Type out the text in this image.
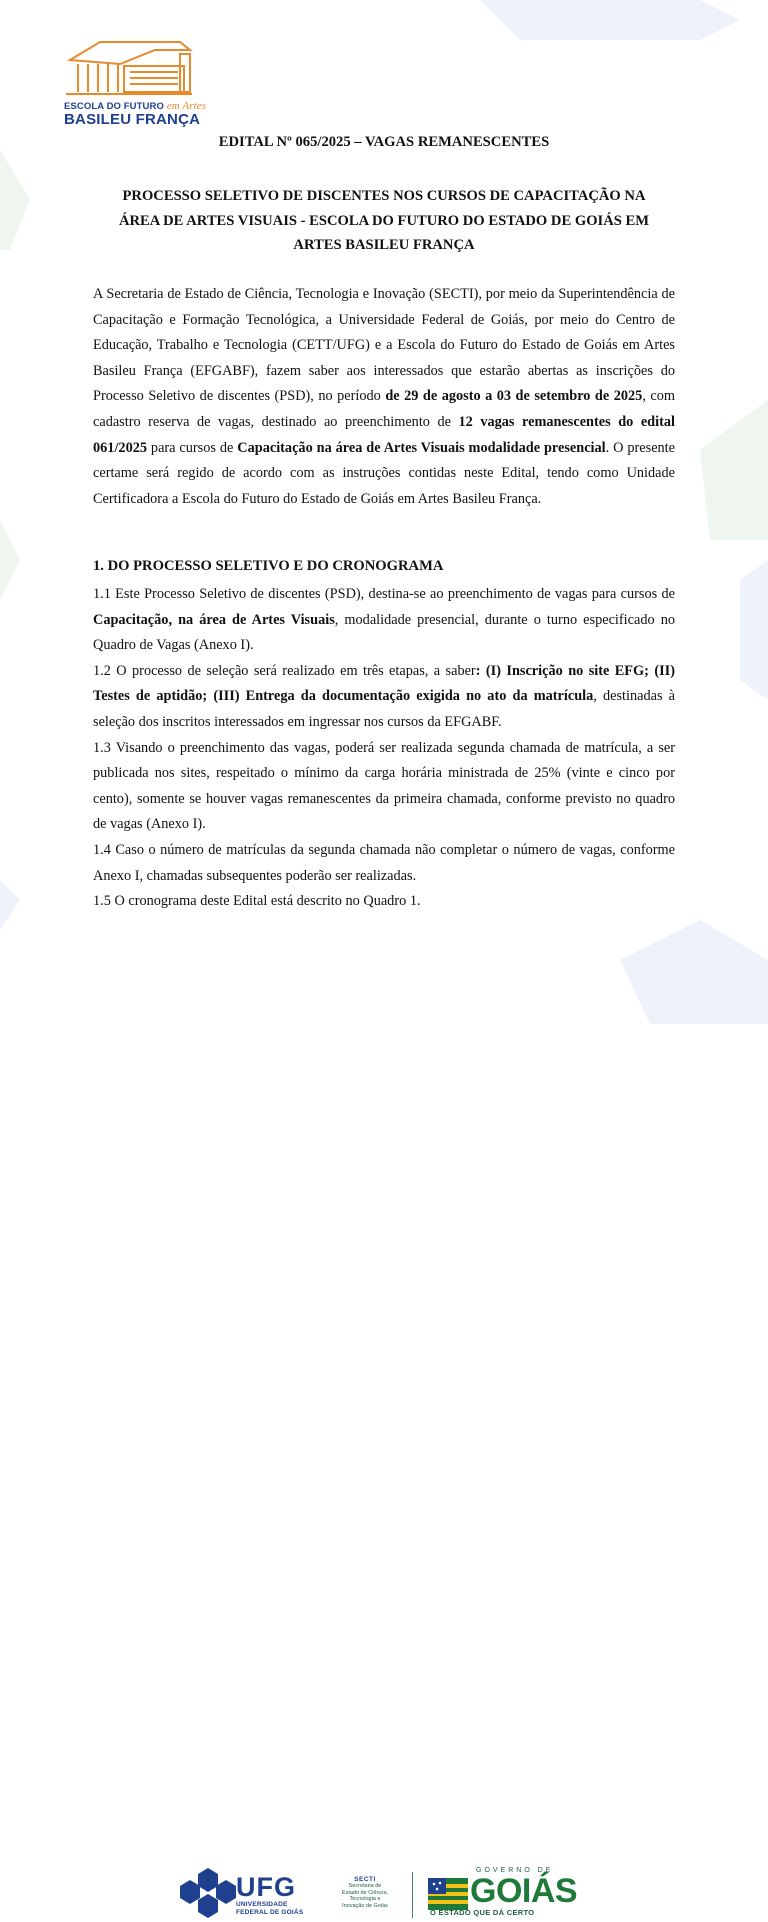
ESCOLA DO FUTURO em Artes
BASILEU FRANÇA
EDITAL Nº 065/2025 – VAGAS REMANESCENTES
PROCESSO SELETIVO DE DISCENTES NOS CURSOS DE CAPACITAÇÃO NA
ÁREA DE ARTES VISUAIS - ESCOLA DO FUTURO DO ESTADO DE GOIÁS EM
ARTES BASILEU FRANÇA
A Secretaria de Estado de Ciência, Tecnologia e Inovação (SECTI), por meio da Superintendência de Capacitação e Formação Tecnológica, a Universidade Federal de Goiás, por meio do Centro de Educação, Trabalho e Tecnologia (CETT/UFG) e a Escola do Futuro do Estado de Goiás em Artes Basileu França (EFGABF), fazem saber aos interessados que estarão abertas as inscrições do Processo Seletivo de discentes (PSD), no período de 29 de agosto a 03 de setembro de 2025, com cadastro reserva de vagas, destinado ao preenchimento de 12 vagas remanescentes do edital 061/2025 para cursos de Capacitação na área de Artes Visuais modalidade presencial. O presente certame será regido de acordo com as instruções contidas neste Edital, tendo como Unidade Certificadora a Escola do Futuro do Estado de Goiás em Artes Basileu França.
1. DO PROCESSO SELETIVO E DO CRONOGRAMA

1.1 Este Processo Seletivo de discentes (PSD), destina-se ao preenchimento de vagas para cursos de Capacitação, na área de Artes Visuais, modalidade presencial, durante o turno especificado no Quadro de Vagas (Anexo I).

1.2 O processo de seleção será realizado em três etapas, a saber: (I) Inscrição no site EFG; (II) Testes de aptidão; (III) Entrega da documentação exigida no ato da matrícula, destinadas à seleção dos inscritos interessados em ingressar nos cursos da EFGABF.

1.3 Visando o preenchimento das vagas, poderá ser realizada segunda chamada de matrícula, a ser publicada nos sites, respeitado o mínimo da carga horária ministrada de 25% (vinte e cinco por cento), somente se houver vagas remanescentes da primeira chamada, conforme previsto no quadro de vagas (Anexo I).

1.4 Caso o número de matrículas da segunda chamada não completar o número de vagas, conforme Anexo I, chamadas subsequentes poderão ser realizadas.

1.5 O cronograma deste Edital está descrito no Quadro 1.

UFG
UNIVERSIDADE
FEDERAL DE GOIÁS
SECTI
Secretaria de
Estado de Ciência,
Tecnologia e
Inovação de Goiás
GOVERNO DE
GOIÁS
O ESTADO QUE DÁ CERTO
